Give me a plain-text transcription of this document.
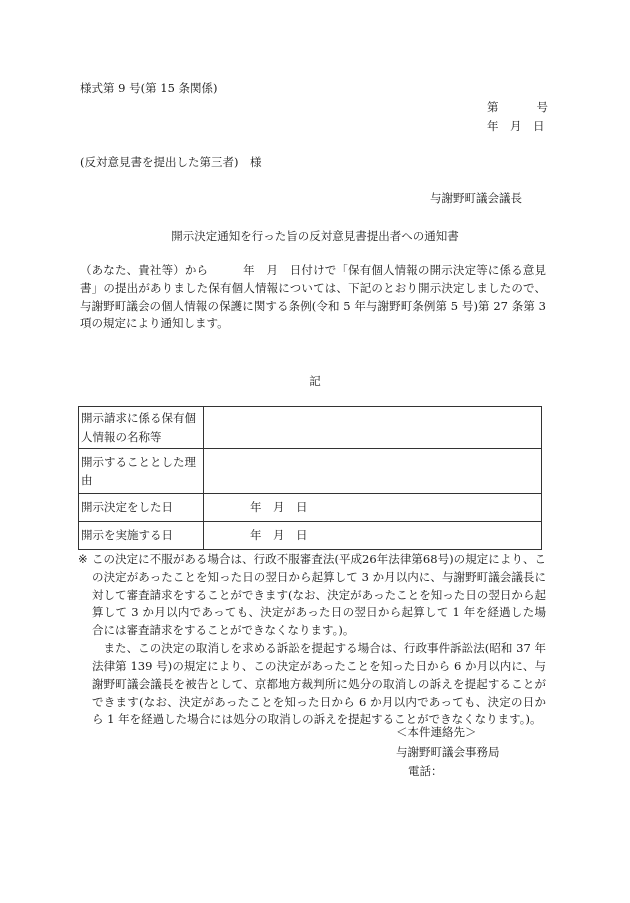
様式第 9 号(第 15 条関係)
第	号
年　月　日
(反対意見書を提出した第三者)　様
与謝野町議会議長
開示決定通知を行った旨の反対意見書提出者への通知書
（あなた、貴社等）から　　　年　月　日付けで「保有個人情報の開示決定等に係る意見書」の提出がありました保有個人情報については、下記のとおり開示決定しましたので、与謝野町議会の個人情報の保護に関する条例(令和 5 年与謝野町条例第 5 号)第 27 条第 3 項の規定により通知します。
記
開示請求に係る保有個人情報の名称等	
開示することとした理由	
開示決定をした日	年　月　日
開示を実施する日	年　月　日
※ この決定に不服がある場合は、行政不服審査法(平成26年法律第68号)の規定により、この決定があったことを知った日の翌日から起算して 3 か月以内に、与謝野町議会議長に対して審査請求をすることができます(なお、決定があったことを知った日の翌日から起算して 3 か月以内であっても、決定があった日の翌日から起算して 1 年を経過した場合には審査請求をすることができなくなります。)。
また、この決定の取消しを求める訴訟を提起する場合は、行政事件訴訟法(昭和 37 年法律第 139 号)の規定により、この決定があったことを知った日から 6 か月以内に、与謝野町議会議長を被告として、京都地方裁判所に処分の取消しの訴えを提起することができます(なお、決定があったことを知った日から 6 か月以内であっても、決定の日から 1 年を経過した場合には処分の取消しの訴えを提起することができなくなります。)。
＜本件連絡先＞
与謝野町議会事務局
電話：
